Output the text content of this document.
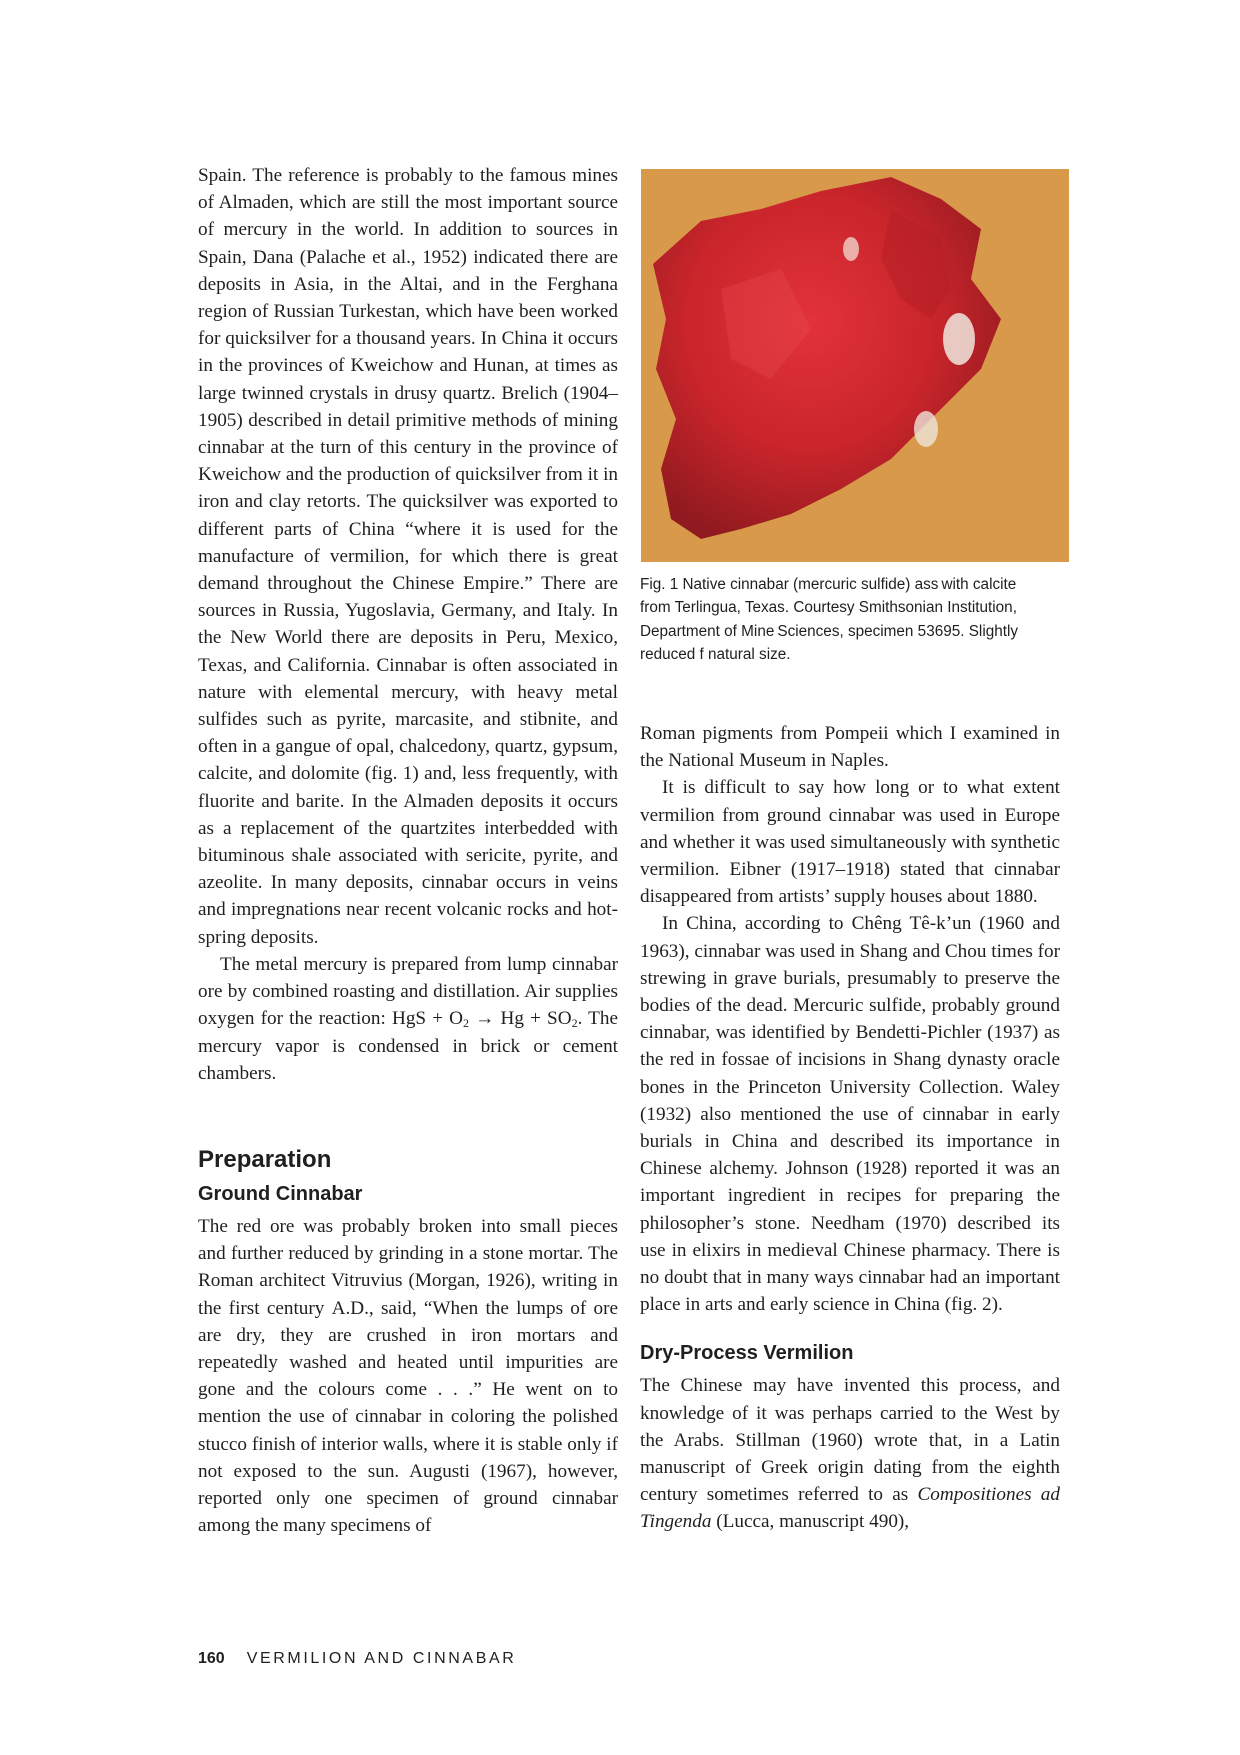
Spain. The reference is probably to the famous mines of Almaden, which are still the most important source of mercury in the world. In addition to sources in Spain, Dana (Palache et al., 1952) indicated there are deposits in Asia, in the Altai, and in the Ferghana region of Russian Turkestan, which have been worked for quicksilver for a thousand years. In China it occurs in the provinces of Kweichow and Hunan, at times as large twinned crystals in drusy quartz. Brelich (1904–1905) described in detail primitive methods of mining cinnabar at the turn of this century in the province of Kweichow and the production of quicksilver from it in iron and clay retorts. The quicksilver was exported to different parts of China “where it is used for the manufacture of vermilion, for which there is great demand throughout the Chinese Empire.” There are sources in Russia, Yugoslavia, Germany, and Italy. In the New World there are deposits in Peru, Mexico, Texas, and California. Cinnabar is often associated in nature with elemental mercury, with heavy metal sulfides such as pyrite, marcasite, and stibnite, and often in a gangue of opal, chalcedony, quartz, gypsum, calcite, and dolomite (fig. 1) and, less frequently, with fluorite and barite. In the Almaden deposits it occurs as a replacement of the quartzites interbedded with bituminous shale associated with sericite, pyrite, and azeolite. In many deposits, cinnabar occurs in veins and impregnations near recent volcanic rocks and hot-spring deposits.

The metal mercury is prepared from lump cinnabar ore by combined roasting and distillation. Air supplies oxygen for the reaction: HgS + $O_2 \to Hg + SO_2$. The mercury vapor is condensed in brick or cement chambers.

Preparation
Ground Cinnabar

The red ore was probably broken into small pieces and further reduced by grinding in a stone mortar. The Roman architect Vitruvius (Morgan, 1926), writing in the first century A.D., said, “When the lumps of ore are dry, they are crushed in iron mortars and repeatedly washed and heated until impurities are gone and the colours come . . .” He went on to mention the use of cinnabar in coloring the polished stucco finish of interior walls, where it is stable only if not exposed to the sun. Augusti (1967), however, reported only one specimen of ground cinnabar among the many specimens of

Fig. 1 Native cinnabar (mercuric sulfide) ass with calcite from Terlingua, Texas. Courtesy Smithsonian Institution, Department of Mine Sciences, specimen 53695. Slightly reduced f natural size.

Roman pigments from Pompeii which I examined in the National Museum in Naples.

It is difficult to say how long or to what extent vermilion from ground cinnabar was used in Europe and whether it was used simultaneously with synthetic vermilion. Eibner (1917–1918) stated that cinnabar disappeared from artists’ supply houses about 1880.

In China, according to Chêng Tê-k’un (1960 and 1963), cinnabar was used in Shang and Chou times for strewing in grave burials, presumably to preserve the bodies of the dead. Mercuric sulfide, probably ground cinnabar, was identified by Bendetti-Pichler (1937) as the red in fossae of incisions in Shang dynasty oracle bones in the Princeton University Collection. Waley (1932) also mentioned the use of cinnabar in early burials in China and described its importance in Chinese alchemy. Johnson (1928) reported it was an important ingredient in recipes for preparing the philosopher’s stone. Needham (1970) described its use in elixirs in medieval Chinese pharmacy. There is no doubt that in many ways cinnabar had an important place in arts and early science in China (fig. 2).

Dry-Process Vermilion

The Chinese may have invented this process, and knowledge of it was perhaps carried to the West by the Arabs. Stillman (1960) wrote that, in a Latin manuscript of Greek origin dating from the eighth century sometimes referred to as Compositiones ad Tingenda (Lucca, manuscript 490),

160 VERMILION AND CINNABAR
